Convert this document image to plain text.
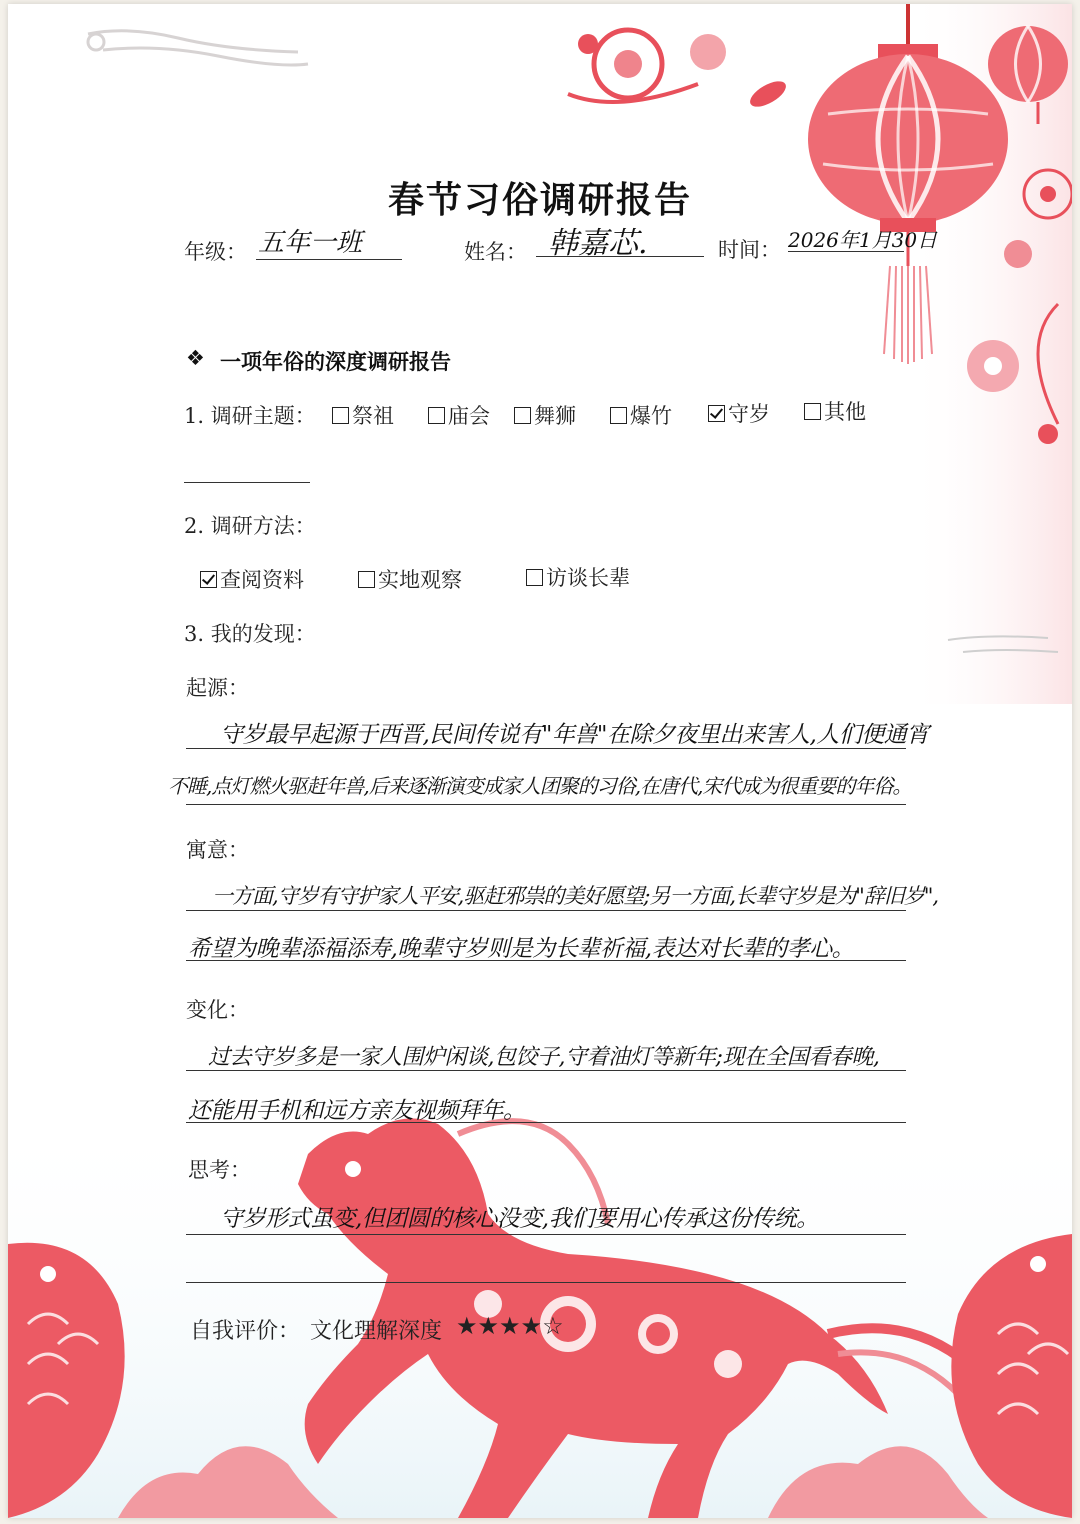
春节习俗调研报告
年级： 五年一班	姓名： 韩嘉芯.	时间： 2026年1月30日
❖ 一项年俗的深度调研报告
1. 调研主题：	祭祖	庙会	舞狮	爆竹	守岁	其他
2. 调研方法：
查阅资料	实地观察	访谈长辈
3. 我的发现：
起源：
守岁最早起源于西晋,民间传说有"年兽"在除夕夜里出来害人,人们便通宵
不睡,点灯燃火驱赶年兽,后来逐渐演变成家人团聚的习俗,在唐代,宋代成为很重要的年俗。
寓意：
一方面,守岁有守护家人平安,驱赶邪祟的美好愿望;另一方面,长辈守岁是为"辞旧岁",
希望为晚辈添福添寿,晚辈守岁则是为长辈祈福,表达对长辈的孝心。
变化：
过去守岁多是一家人围炉闲谈,包饺子,守着油灯等新年;现在全国看春晚,
还能用手机和远方亲友视频拜年。
思考：
守岁形式虽变,但团圆的核心没变,我们要用心传承这份传统。
自我评价： 文化理解深度 ★★★★☆
